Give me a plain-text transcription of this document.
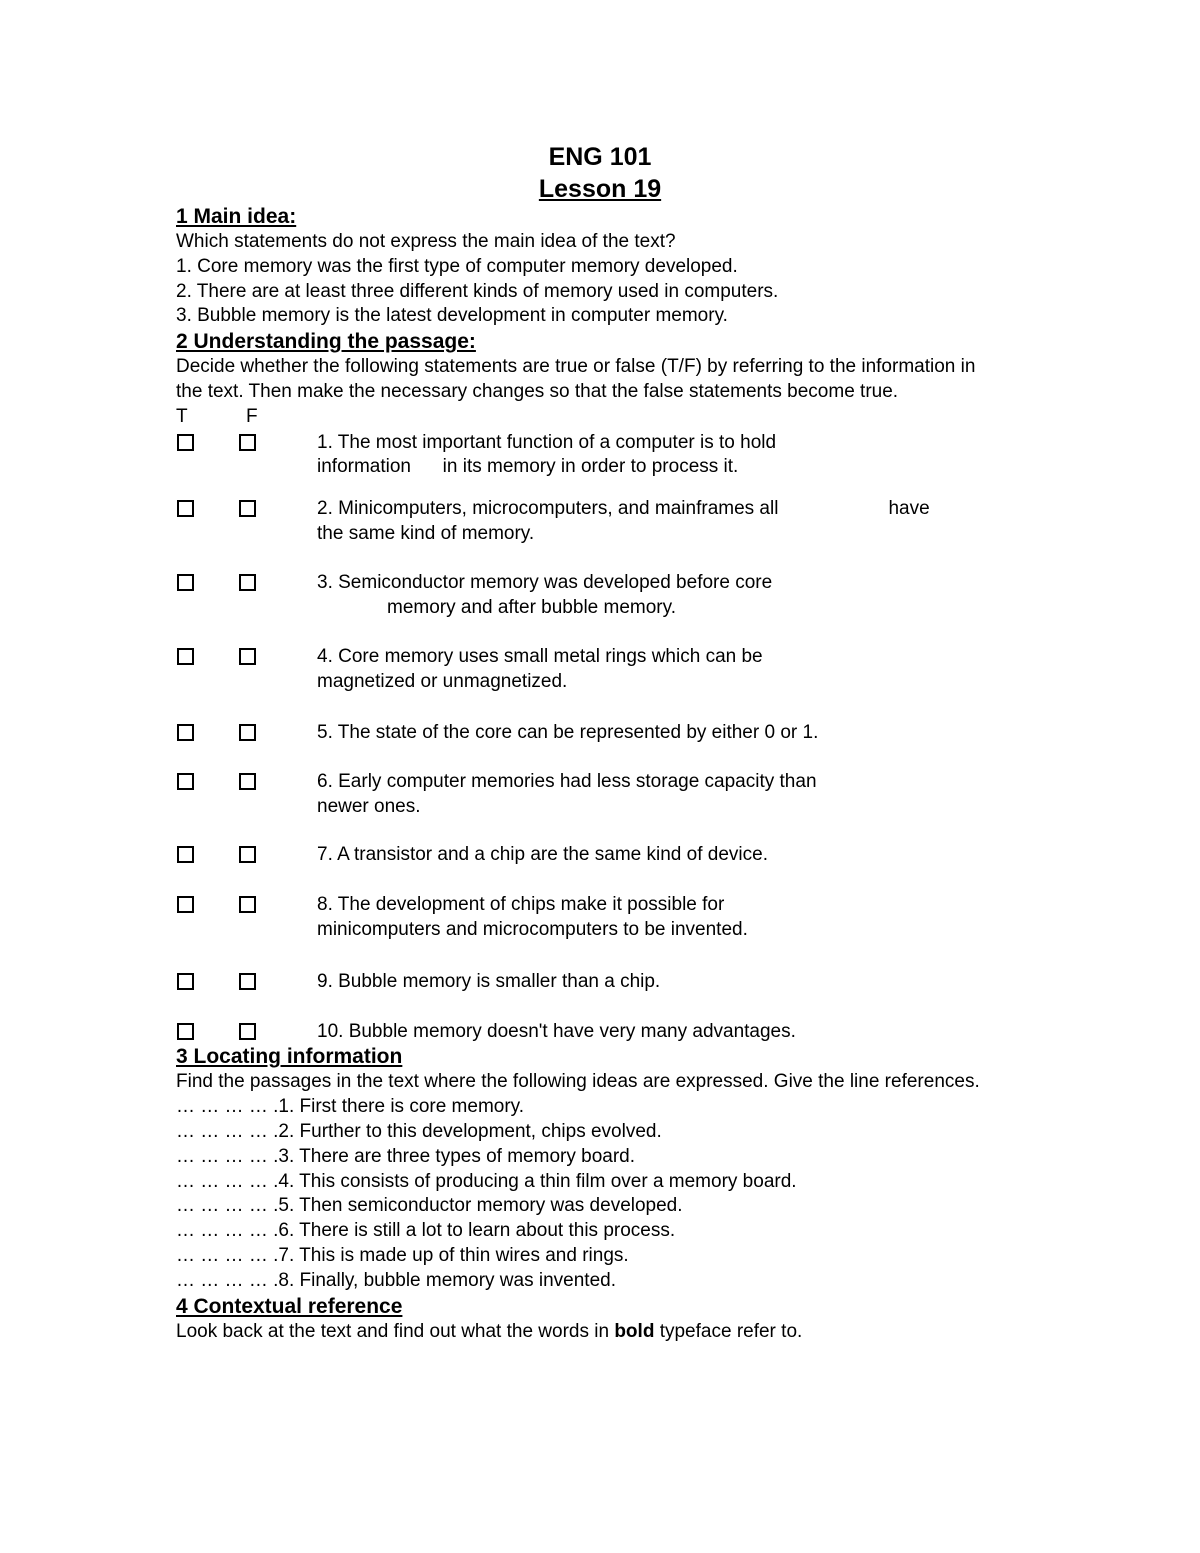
ENG 101
Lesson 19
1 Main idea:
Which statements do not express the main idea of the text?
1. Core memory was the first type of computer memory developed.
2. There are at least three different kinds of memory used in computers.
3. Bubble memory is the latest development in computer memory.
2 Understanding the passage:
Decide whether the following statements are true or false (T/F) by referring to the information in the text. Then make the necessary changes so that the false statements become true.
T	F
1. The most important function of a computer is to hold
information      in its memory in order to process it.
2. Minicomputers, microcomputers, and mainframes all	have
the same kind of memory.
3. Semiconductor memory was developed before core
memory and after bubble memory.
4. Core memory uses small metal rings which can be
magnetized or unmagnetized.
5. The state of the core can be represented by either 0 or 1.
6. Early computer memories had less storage capacity than
newer ones.
7. A transistor and a chip are the same kind of device.
8. The development of chips make it possible for
minicomputers and microcomputers to be invented.
9. Bubble memory is smaller than a chip.
10. Bubble memory doesn't have very many advantages.
3 Locating information
Find the passages in the text where the following ideas are expressed. Give the line references.
… … … … .1. First there is core memory.
… … … … .2. Further to this development, chips evolved.
… … … … .3. There are three types of memory board.
… … … … .4. This consists of producing a thin film over a memory board.
… … … … .5. Then semiconductor memory was developed.
… … … … .6. There is still a lot to learn about this process.
… … … … .7. This is made up of thin wires and rings.
… … … … .8. Finally, bubble memory was invented.
4 Contextual reference
Look back at the text and find out what the words in bold typeface refer to.
